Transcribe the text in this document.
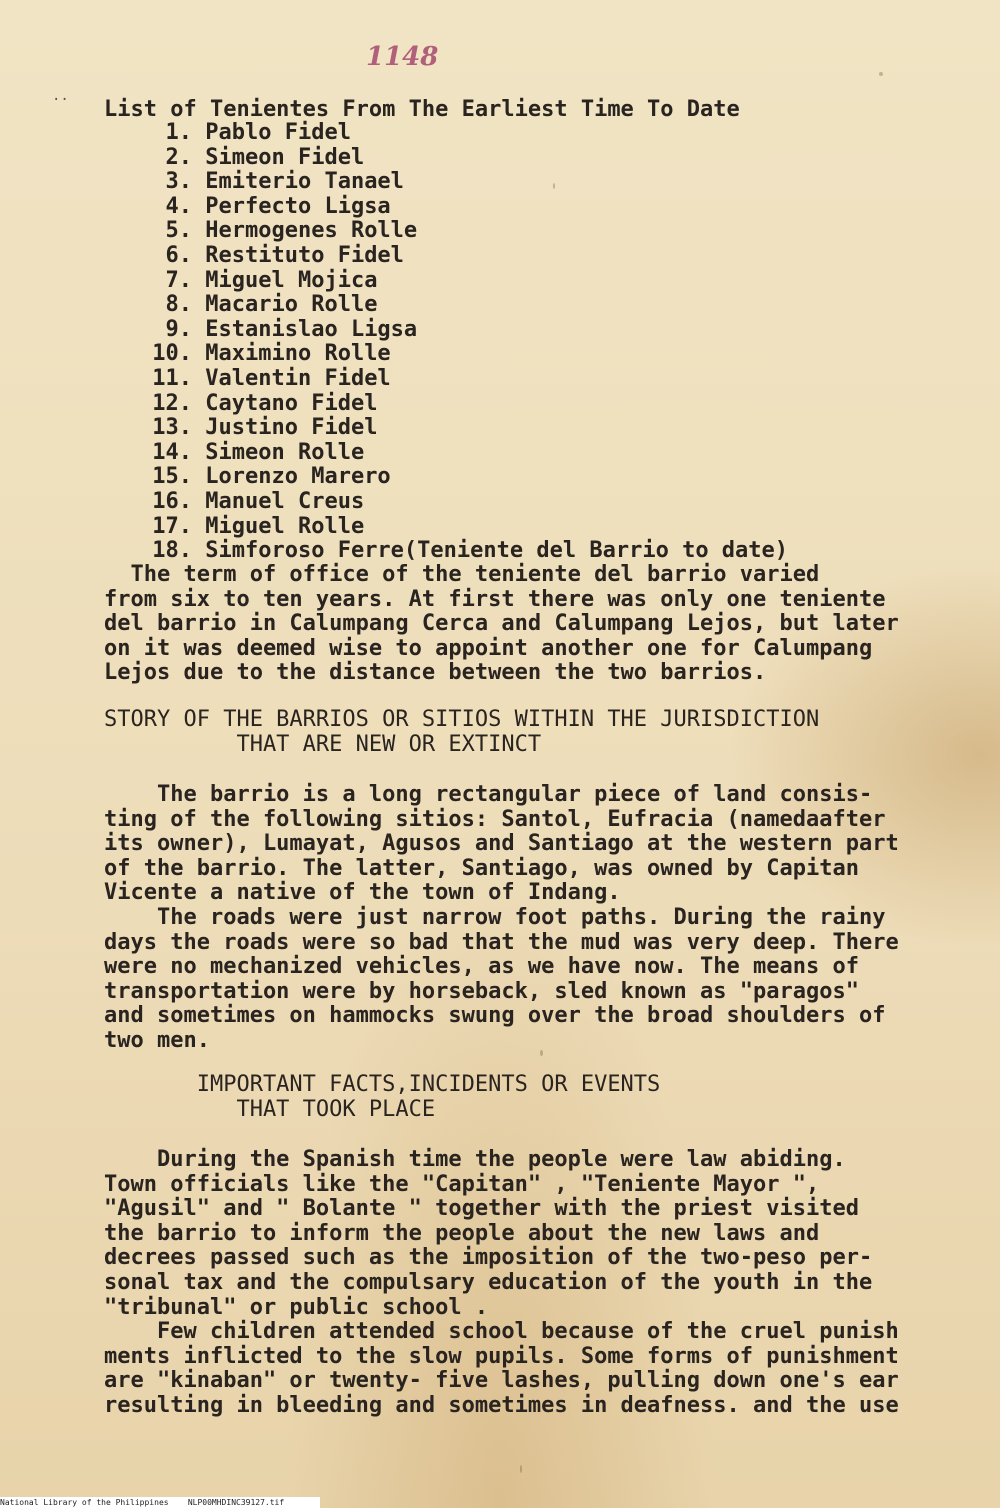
1148
·· List of Tenientes From The Earliest Time To Date
1. Pablo Fidel
2. Simeon Fidel
3. Emiterio Tanael
4. Perfecto Ligsa
5. Hermogenes Rolle
6. Restituto Fidel
7. Miguel Mojica
8. Macario Rolle
9. Estanislao Ligsa
10. Maximino Rolle
11. Valentin Fidel
12. Caytano Fidel
13. Justino Fidel
14. Simeon Rolle
15. Lorenzo Marero
16. Manuel Creus
17. Miguel Rolle
18. Simforoso Ferre(Teniente del Barrio to date)
The term of office of the teniente del barrio varied
from six to ten years. At first there was only one teniente
del barrio in Calumpang Cerca and Calumpang Lejos, but later
on it was deemed wise to appoint another one for Calumpang
Lejos due to the distance between the two barrios.
STORY OF THE BARRIOS OR SITIOS WITHIN THE JURISDICTION
THAT ARE NEW OR EXTINCT
The barrio is a long rectangular piece of land consis-
ting of the following sitios: Santol, Eufracia (namedaafter
its owner), Lumayat, Agusos and Santiago at the western part
of the barrio. The latter, Santiago, was owned by Capitan
Vicente a native of the town of Indang.
The roads were just narrow foot paths. During the rainy
days the roads were so bad that the mud was very deep. There
were no mechanized vehicles, as we have now. The means of
transportation were by horseback, sled known as "paragos"
and sometimes on hammocks swung over the broad shoulders of
two men.
IMPORTANT FACTS,INCIDENTS OR EVENTS
THAT TOOK PLACE
During the Spanish time the people were law abiding.
Town officials like the "Capitan" , "Teniente Mayor ",
"Agusil" and " Bolante " together with the priest visited
the barrio to inform the people about the new laws and
decrees passed such as the imposition of the two-peso per-
sonal tax and the compulsary education of the youth in the
"tribunal" or public school .
Few children attended school because of the cruel punish
ments inflicted to the slow pupils. Some forms of punishment
are "kinaban" or twenty- five lashes, pulling down one's ear
resulting in bleeding and sometimes in deafness. and the use
National Library of the Philippines    NLP00MHDINC39127.tif
